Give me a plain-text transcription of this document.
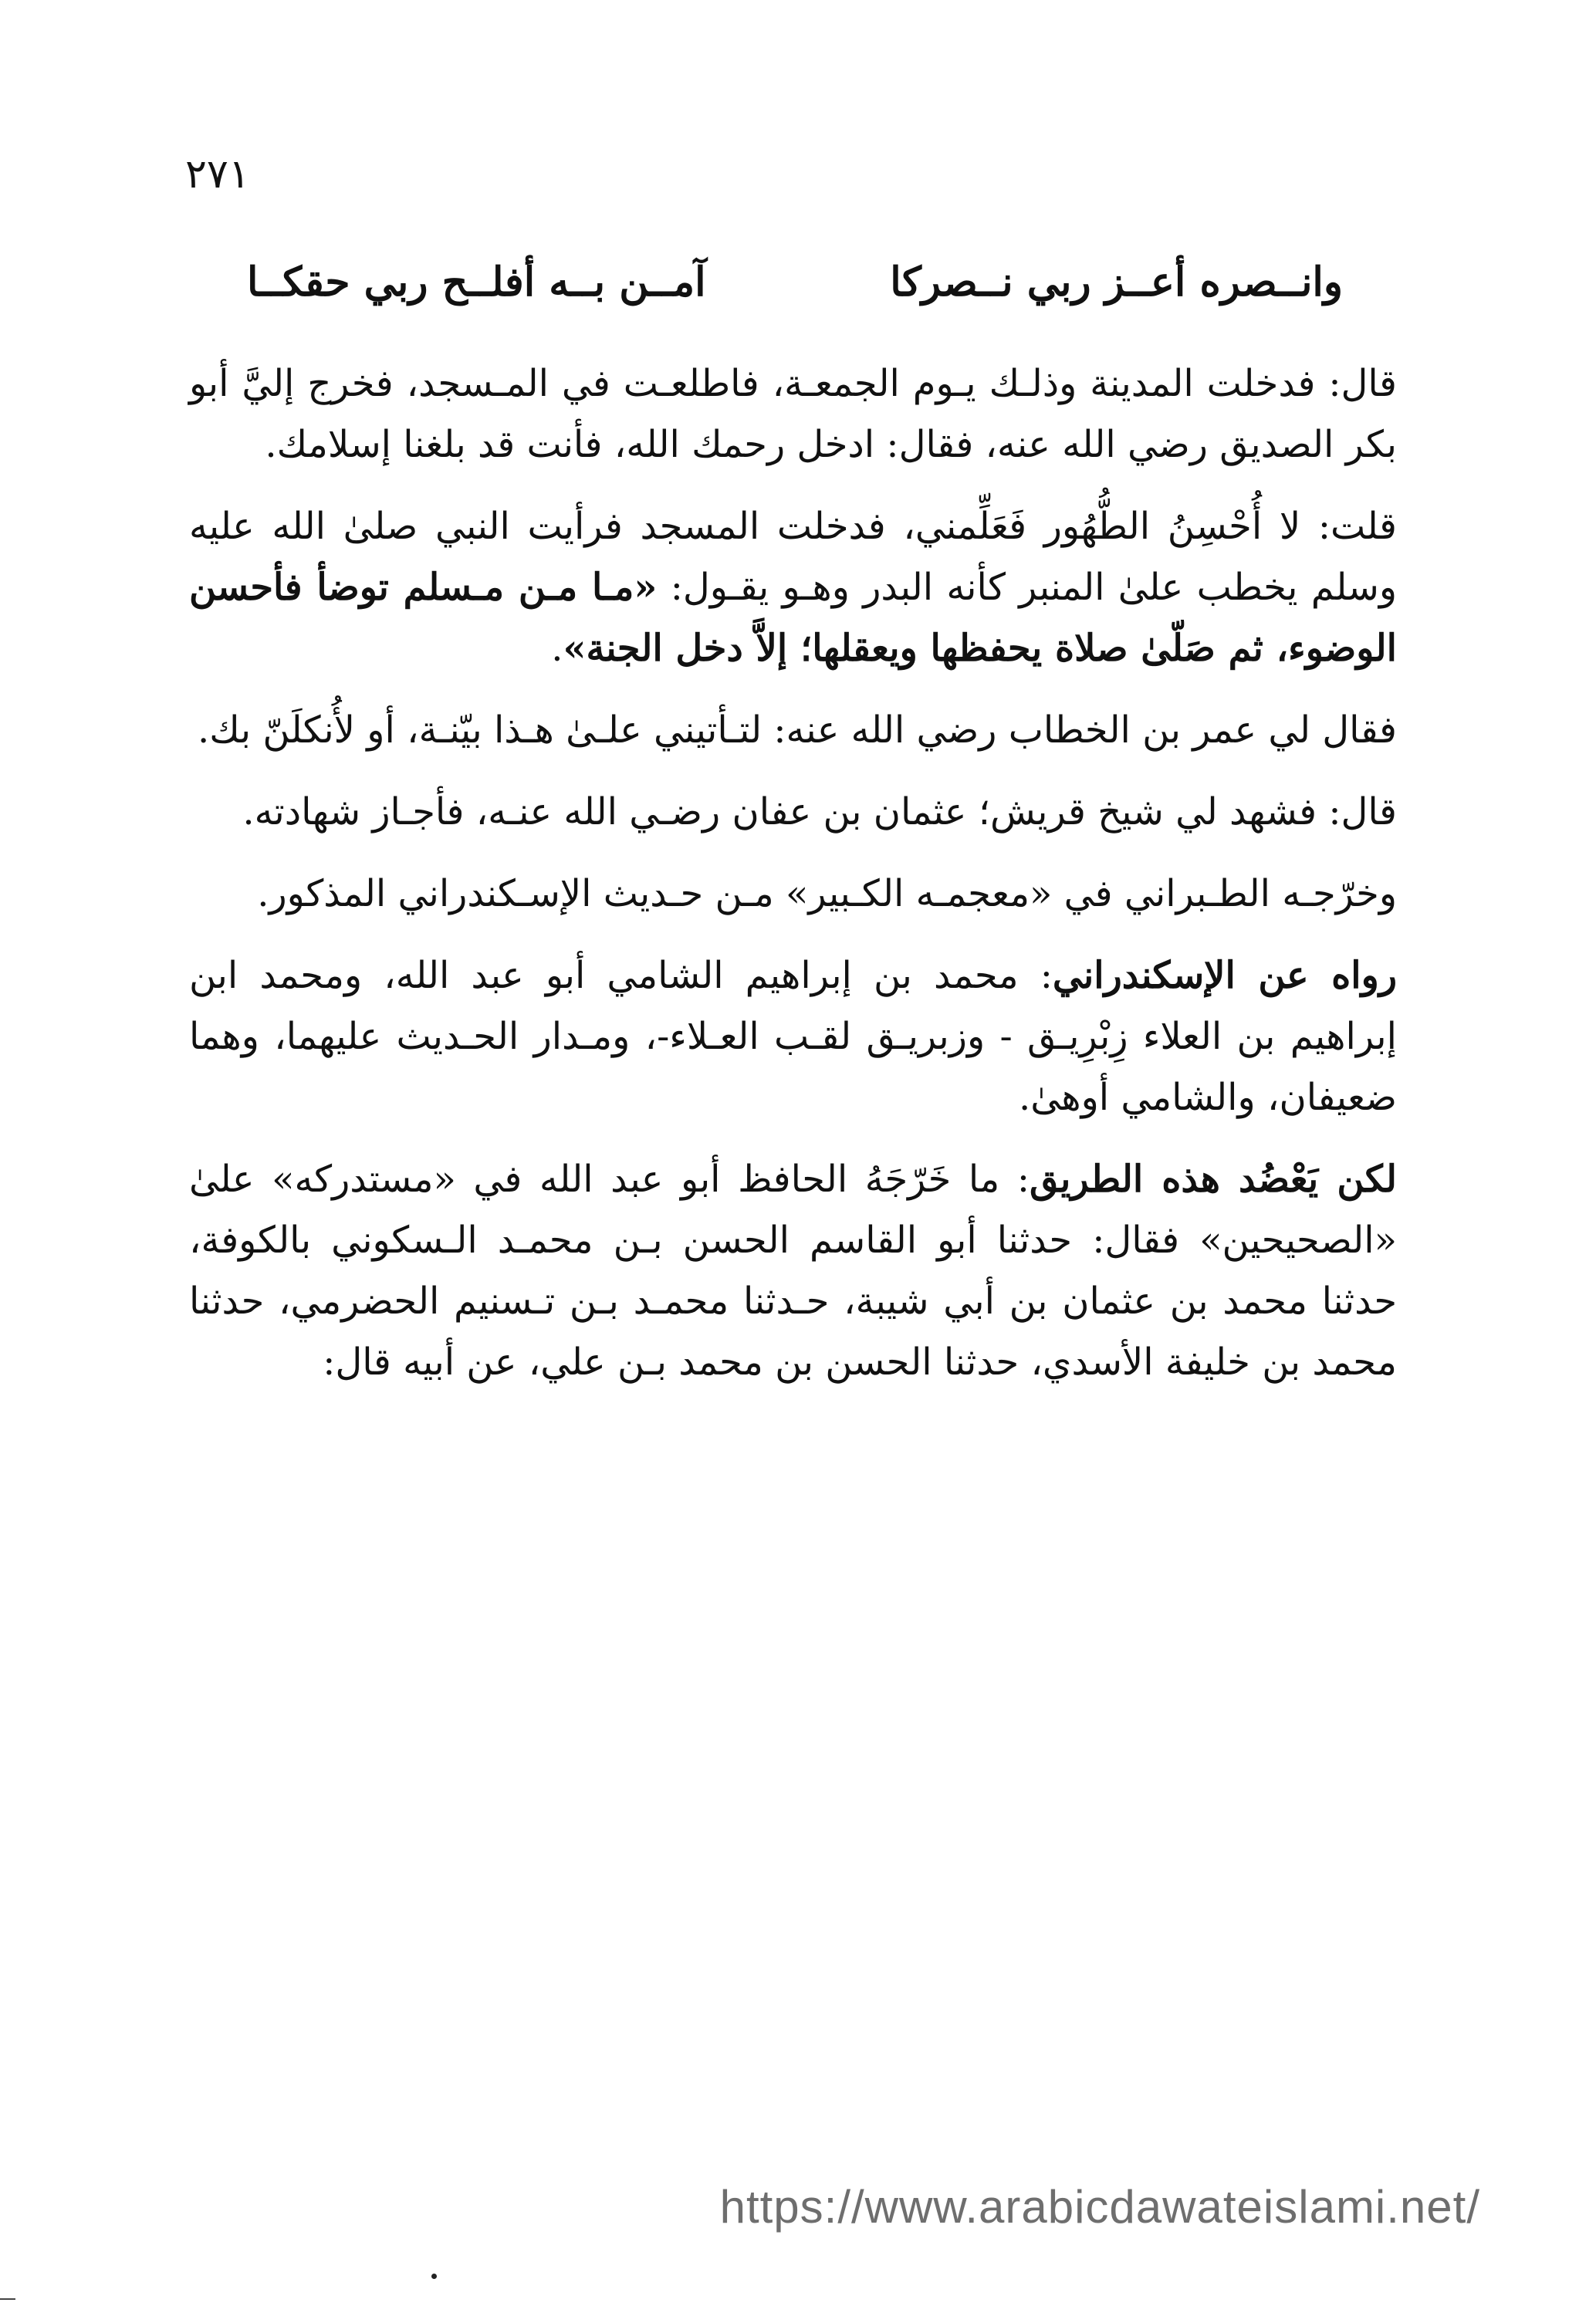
٢٧١
آمــن بــه أفلــح ربي حقكــا	وانــصره أعــز ربي نــصركا

قال: فدخلت المدينة وذلـك يـوم الجمعـة، فاطلعـت في المـسجد، فخرج إليَّ أبو بكر الصديق رضي الله عنه، فقال: ادخل رحمك الله، فأنت قد بلغنا إسلامك.

قلت: لا أُحْسِنُ الطُّهُور فَعَلِّمني، فدخلت المسجد فرأيت النبي صلىٰ الله عليه وسلم يخطب علىٰ المنبر كأنه البدر وهـو يقـول: «مـا مـن مـسلم توضأ فأحسن الوضوء، ثم صَلّىٰ صلاة يحفظها ويعقلها؛ إلاَّ دخل الجنة».

فقال لي عمر بن الخطاب رضي الله عنه: لتـأتيني علـىٰ هـذا بيّنـة، أو لأُنكلَنّ بك.

قال: فشهد لي شيخ قريش؛ عثمان بن عفان رضـي الله عنـه، فأجـاز شهادته.

وخرّجـه الطـبراني في «معجمـه الكـبير» مـن حـديث الإسـكندراني المذكور.

رواه عن الإسكندراني: محمد بن إبراهيم الشامي أبو عبد الله، ومحمد ابن إبراهيم بن العلاء زِبْرِيـق - وزبريـق لقـب العـلاء-، ومـدار الحـديث عليهما، وهما ضعيفان، والشامي أوهىٰ.

لكن يَعْضُد هذه الطريق: ما خَرّجَهُ الحافظ أبو عبد الله في «مستدركه» علىٰ «الصحيحين» فقال: حدثنا أبو القاسم الحسن بـن محمـد الـسكوني بالكوفة، حدثنا محمد بن عثمان بن أبي شيبة، حـدثنا محمـد بـن تـسنيم الحضرمي، حدثنا محمد بن خليفة الأسدي، حدثنا الحسن بن محمد بـن علي، عن أبيه قال:

https://www.arabicdawateislami.net/
